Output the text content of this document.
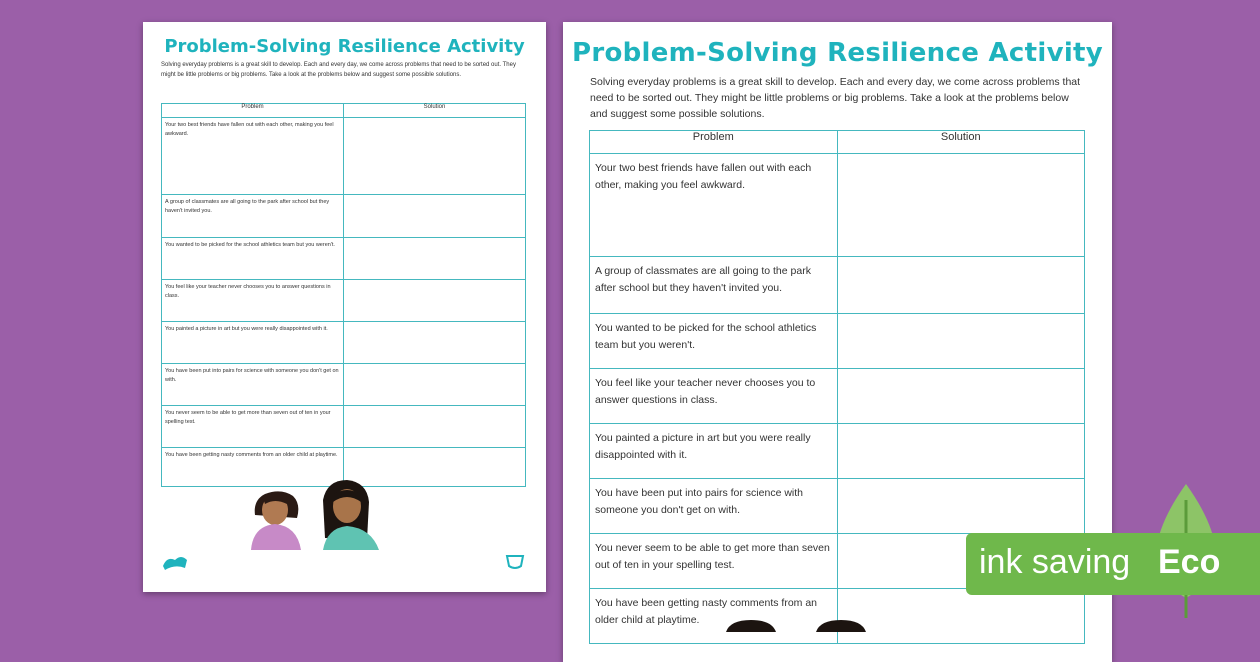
Problem-Solving Resilience Activity
Solving everyday problems is a great skill to develop. Each and every day, we come across problems that need to be sorted out. They might be little problems or big problems. Take a look at the problems below and suggest some possible solutions.
Problem	Solution
Your two best friends have fallen out with each other, making you feel awkward.	
A group of classmates are all going to the park after school but they haven't invited you.	
You wanted to be picked for the school athletics team but you weren't.	
You feel like your teacher never chooses you to answer questions in class.	
You painted a picture in art but you were really disappointed with it.	
You have been put into pairs for science with someone you don't get on with.	
You never seem to be able to get more than seven out of ten in your spelling test.	
You have been getting nasty comments from an older child at playtime.	
Problem-Solving Resilience Activity
Solving everyday problems is a great skill to develop. Each and every day, we come across problems that need to be sorted out. They might be little problems or big problems. Take a look at the problems below and suggest some possible solutions.
Problem	Solution
Your two best friends have fallen out with each other, making you feel awkward.	
A group of classmates are all going to the park after school but they haven't invited you.	
You wanted to be picked for the school athletics team but you weren't.	
You feel like your teacher never chooses you to answer questions in class.	
You painted a picture in art but you were really disappointed with it.	
You have been put into pairs for science with someone you don't get on with.	
You never seem to be able to get more than seven out of ten in your spelling test.	
You have been getting nasty comments from an older child at playtime.	
ink saving Eco
